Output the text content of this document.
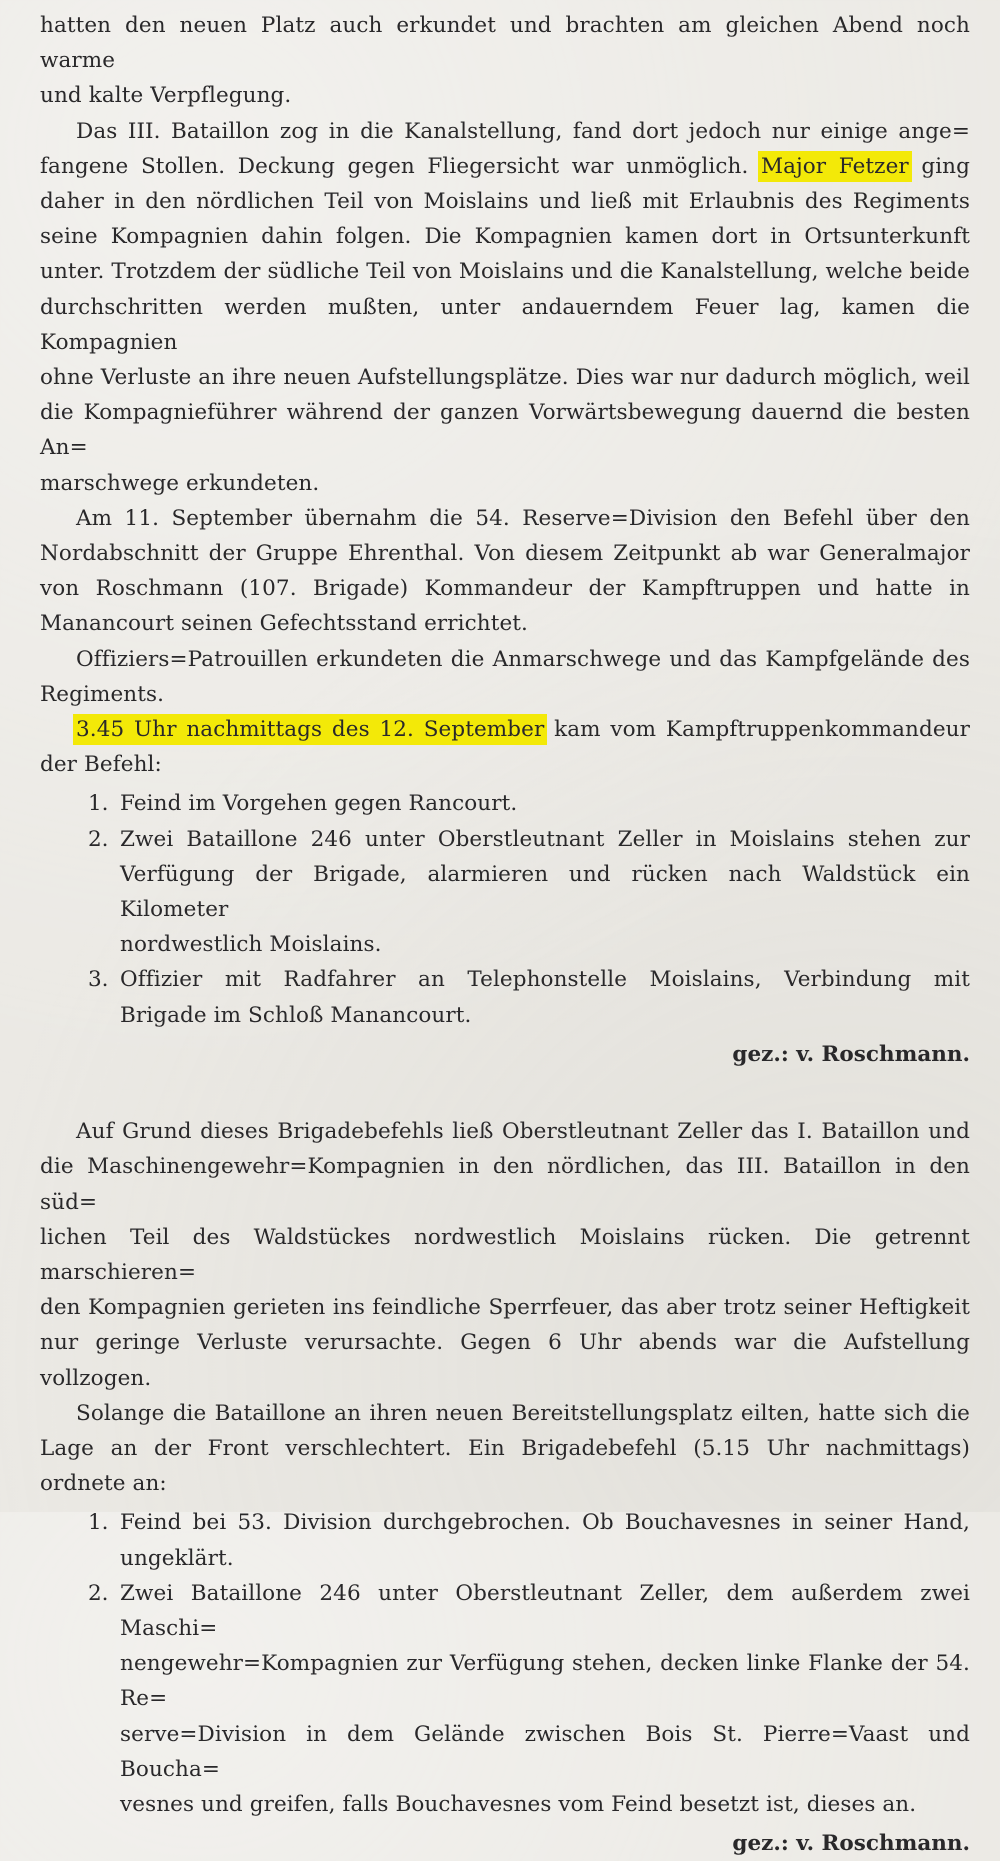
hatten den neuen Platz auch erkundet und brachten am gleichen Abend noch warme
und kalte Verpflegung.
Das III. Bataillon zog in die Kanalstellung, fand dort jedoch nur einige ange=
fangene Stollen. Deckung gegen Fliegersicht war unmöglich. Major Fetzer ging
daher in den nördlichen Teil von Moislains und ließ mit Erlaubnis des Regiments
seine Kompagnien dahin folgen. Die Kompagnien kamen dort in Ortsunterkunft
unter. Trotzdem der südliche Teil von Moislains und die Kanalstellung, welche beide
durchschritten werden mußten, unter andauerndem Feuer lag, kamen die Kompagnien
ohne Verluste an ihre neuen Aufstellungsplätze. Dies war nur dadurch möglich, weil
die Kompagnieführer während der ganzen Vorwärtsbewegung dauernd die besten An=
marschwege erkundeten.
Am 11. September übernahm die 54. Reserve=Division den Befehl über den
Nordabschnitt der Gruppe Ehrenthal. Von diesem Zeitpunkt ab war Generalmajor
von Roschmann (107. Brigade) Kommandeur der Kampftruppen und hatte in
Manancourt seinen Gefechtsstand errichtet.
Offiziers=Patrouillen erkundeten die Anmarschwege und das Kampfgelände des
Regiments.
3.45 Uhr nachmittags des 12. September kam vom Kampftruppenkommandeur
der Befehl:
1. Feind im Vorgehen gegen Rancourt.
2. Zwei Bataillone 246 unter Oberstleutnant Zeller in Moislains stehen zur
Verfügung der Brigade, alarmieren und rücken nach Waldstück ein Kilometer
nordwestlich Moislains.
3. Offizier mit Radfahrer an Telephonstelle Moislains, Verbindung mit
Brigade im Schloß Manancourt.
gez.: v. Roschmann.
Auf Grund dieses Brigadebefehls ließ Oberstleutnant Zeller das I. Bataillon und
die Maschinengewehr=Kompagnien in den nördlichen, das III. Bataillon in den süd=
lichen Teil des Waldstückes nordwestlich Moislains rücken. Die getrennt marschieren=
den Kompagnien gerieten ins feindliche Sperrfeuer, das aber trotz seiner Heftigkeit
nur geringe Verluste verursachte. Gegen 6 Uhr abends war die Aufstellung vollzogen.
Solange die Bataillone an ihren neuen Bereitstellungsplatz eilten, hatte sich die
Lage an der Front verschlechtert. Ein Brigadebefehl (5.15 Uhr nachmittags)
ordnete an:
1. Feind bei 53. Division durchgebrochen. Ob Bouchavesnes in seiner Hand,
ungeklärt.
2. Zwei Bataillone 246 unter Oberstleutnant Zeller, dem außerdem zwei Maschi=
nengewehr=Kompagnien zur Verfügung stehen, decken linke Flanke der 54. Re=
serve=Division in dem Gelände zwischen Bois St. Pierre=Vaast und Boucha=
vesnes und greifen, falls Bouchavesnes vom Feind besetzt ist, dieses an.
gez.: v. Roschmann.
